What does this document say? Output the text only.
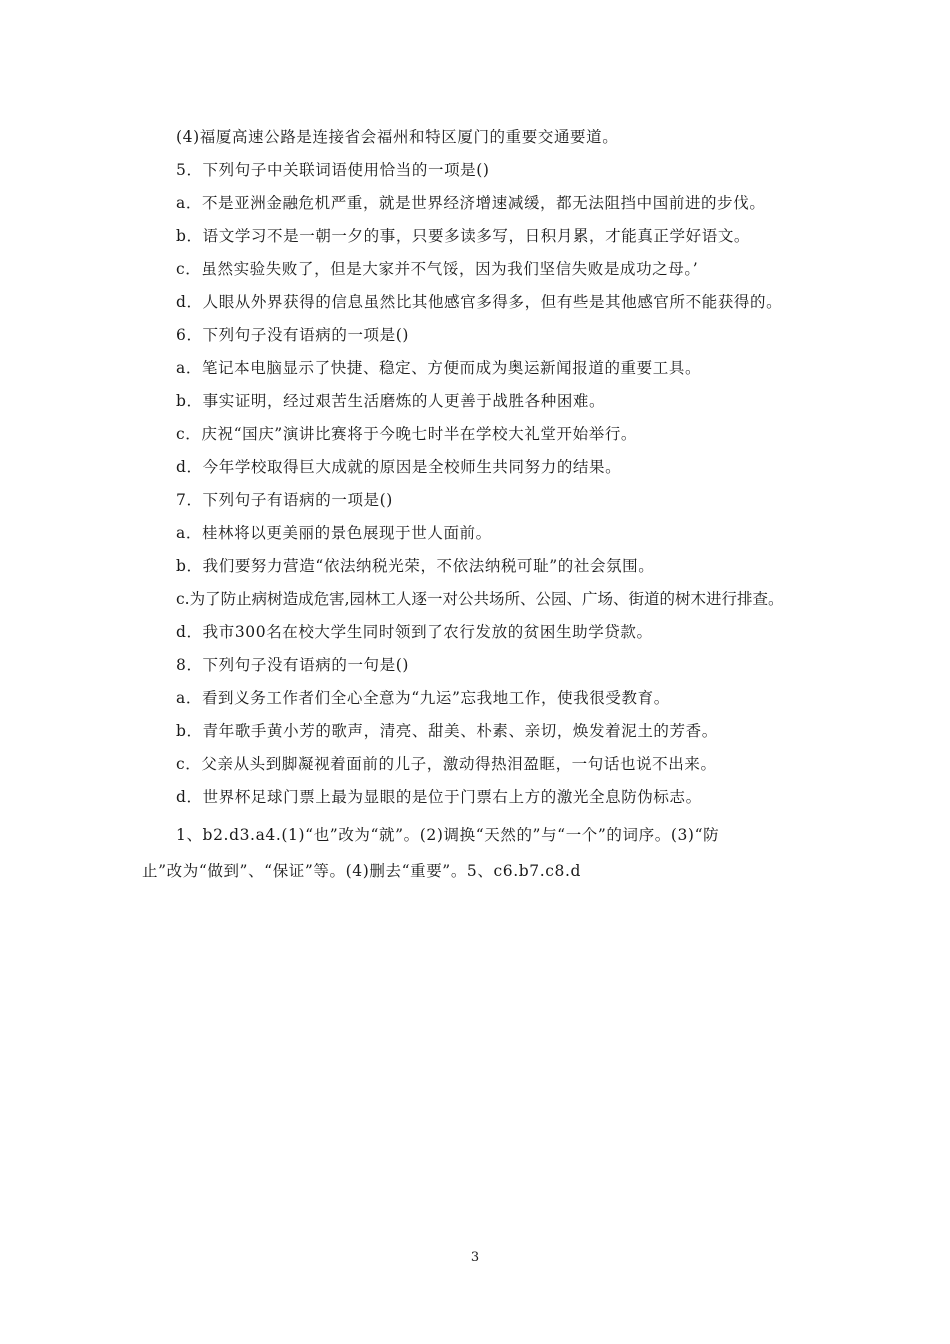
(4)福厦高速公路是连接省会福州和特区厦门的重要交通要道。
5．下列句子中关联词语使用恰当的一项是()
a．不是亚洲金融危机严重，就是世界经济增速减缓，都无法阻挡中国前进的步伐。
b．语文学习不是一朝一夕的事，只要多读多写，日积月累，才能真正学好语文。
c．虽然实验失败了，但是大家并不气馁，因为我们坚信失败是成功之母。’
d．人眼从外界获得的信息虽然比其他感官多得多，但有些是其他感官所不能获得的。
6．下列句子没有语病的一项是()
a．笔记本电脑显示了快捷、稳定、方便而成为奥运新闻报道的重要工具。
b．事实证明，经过艰苦生活磨炼的人更善于战胜各种困难。
c．庆祝“国庆”演讲比赛将于今晚七时半在学校大礼堂开始举行。
d．今年学校取得巨大成就的原因是全校师生共同努力的结果。
7．下列句子有语病的一项是()
a．桂林将以更美丽的景色展现于世人面前。
b．我们要努力营造“依法纳税光荣，不依法纳税可耻”的社会氛围。
c.为了防止病树造成危害,园林工人逐一对公共场所、公园、广场、街道的树木进行排查。
d．我市300名在校大学生同时领到了农行发放的贫困生助学贷款。
8．下列句子没有语病的一句是()
a．看到义务工作者们全心全意为“九运”忘我地工作，使我很受教育。
b．青年歌手黄小芳的歌声，清亮、甜美、朴素、亲切，焕发着泥土的芳香。
c．父亲从头到脚凝视着面前的儿子，激动得热泪盈眶，一句话也说不出来。
d．世界杯足球门票上最为显眼的是位于门票右上方的激光全息防伪标志。
1、b2.d3.a4.(1)“也”改为“就”。(2)调换“天然的”与“一个”的词序。(3)“防
止”改为“做到”、“保证”等。(4)删去“重要”。5、c6.b7.c8.d
3
